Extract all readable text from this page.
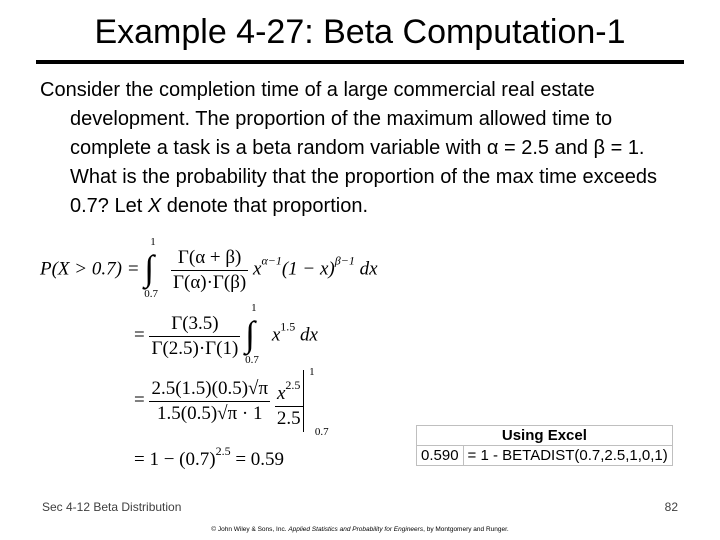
Example 4-27: Beta Computation-1

Consider the completion time of a large commercial real estate development. The proportion of the maximum allowed time to complete a task is a beta random variable with α = 2.5 and β = 1. What is the probability that the proportion of the max time exceeds 0.7? Let X denote that proportion.

P(X > 0.7) = ∫
1
0.7

$\frac{\Gamma(\alpha + \beta)}{\Gamma(\alpha)\cdot\Gamma(\beta)} x^{\alpha-1}(1 - x)^{\beta-1}$ dx
= $\frac{\Gamma(3.5)}{\Gamma(2.5)\cdot\Gamma(1)}$
∫
1
0.7
$x^{1.5}$ dx
= $\frac{2.5(1.5)(0.5)√\pi}{1.5(0.5)√\pi \cdot 1}$
$\frac{x^{2.5}}{2.5}$
1
0.7
= $1 - (0.7)^{2.5} = 0.59$
Using Excel
0.590	= 1 - BETADIST(0.7,2.5,1,0,1)
Sec 4-12 Beta Distribution	82
© John Wiley & Sons, Inc. Applied Statistics and Probability for Engineers, by Montgomery and Runger.
